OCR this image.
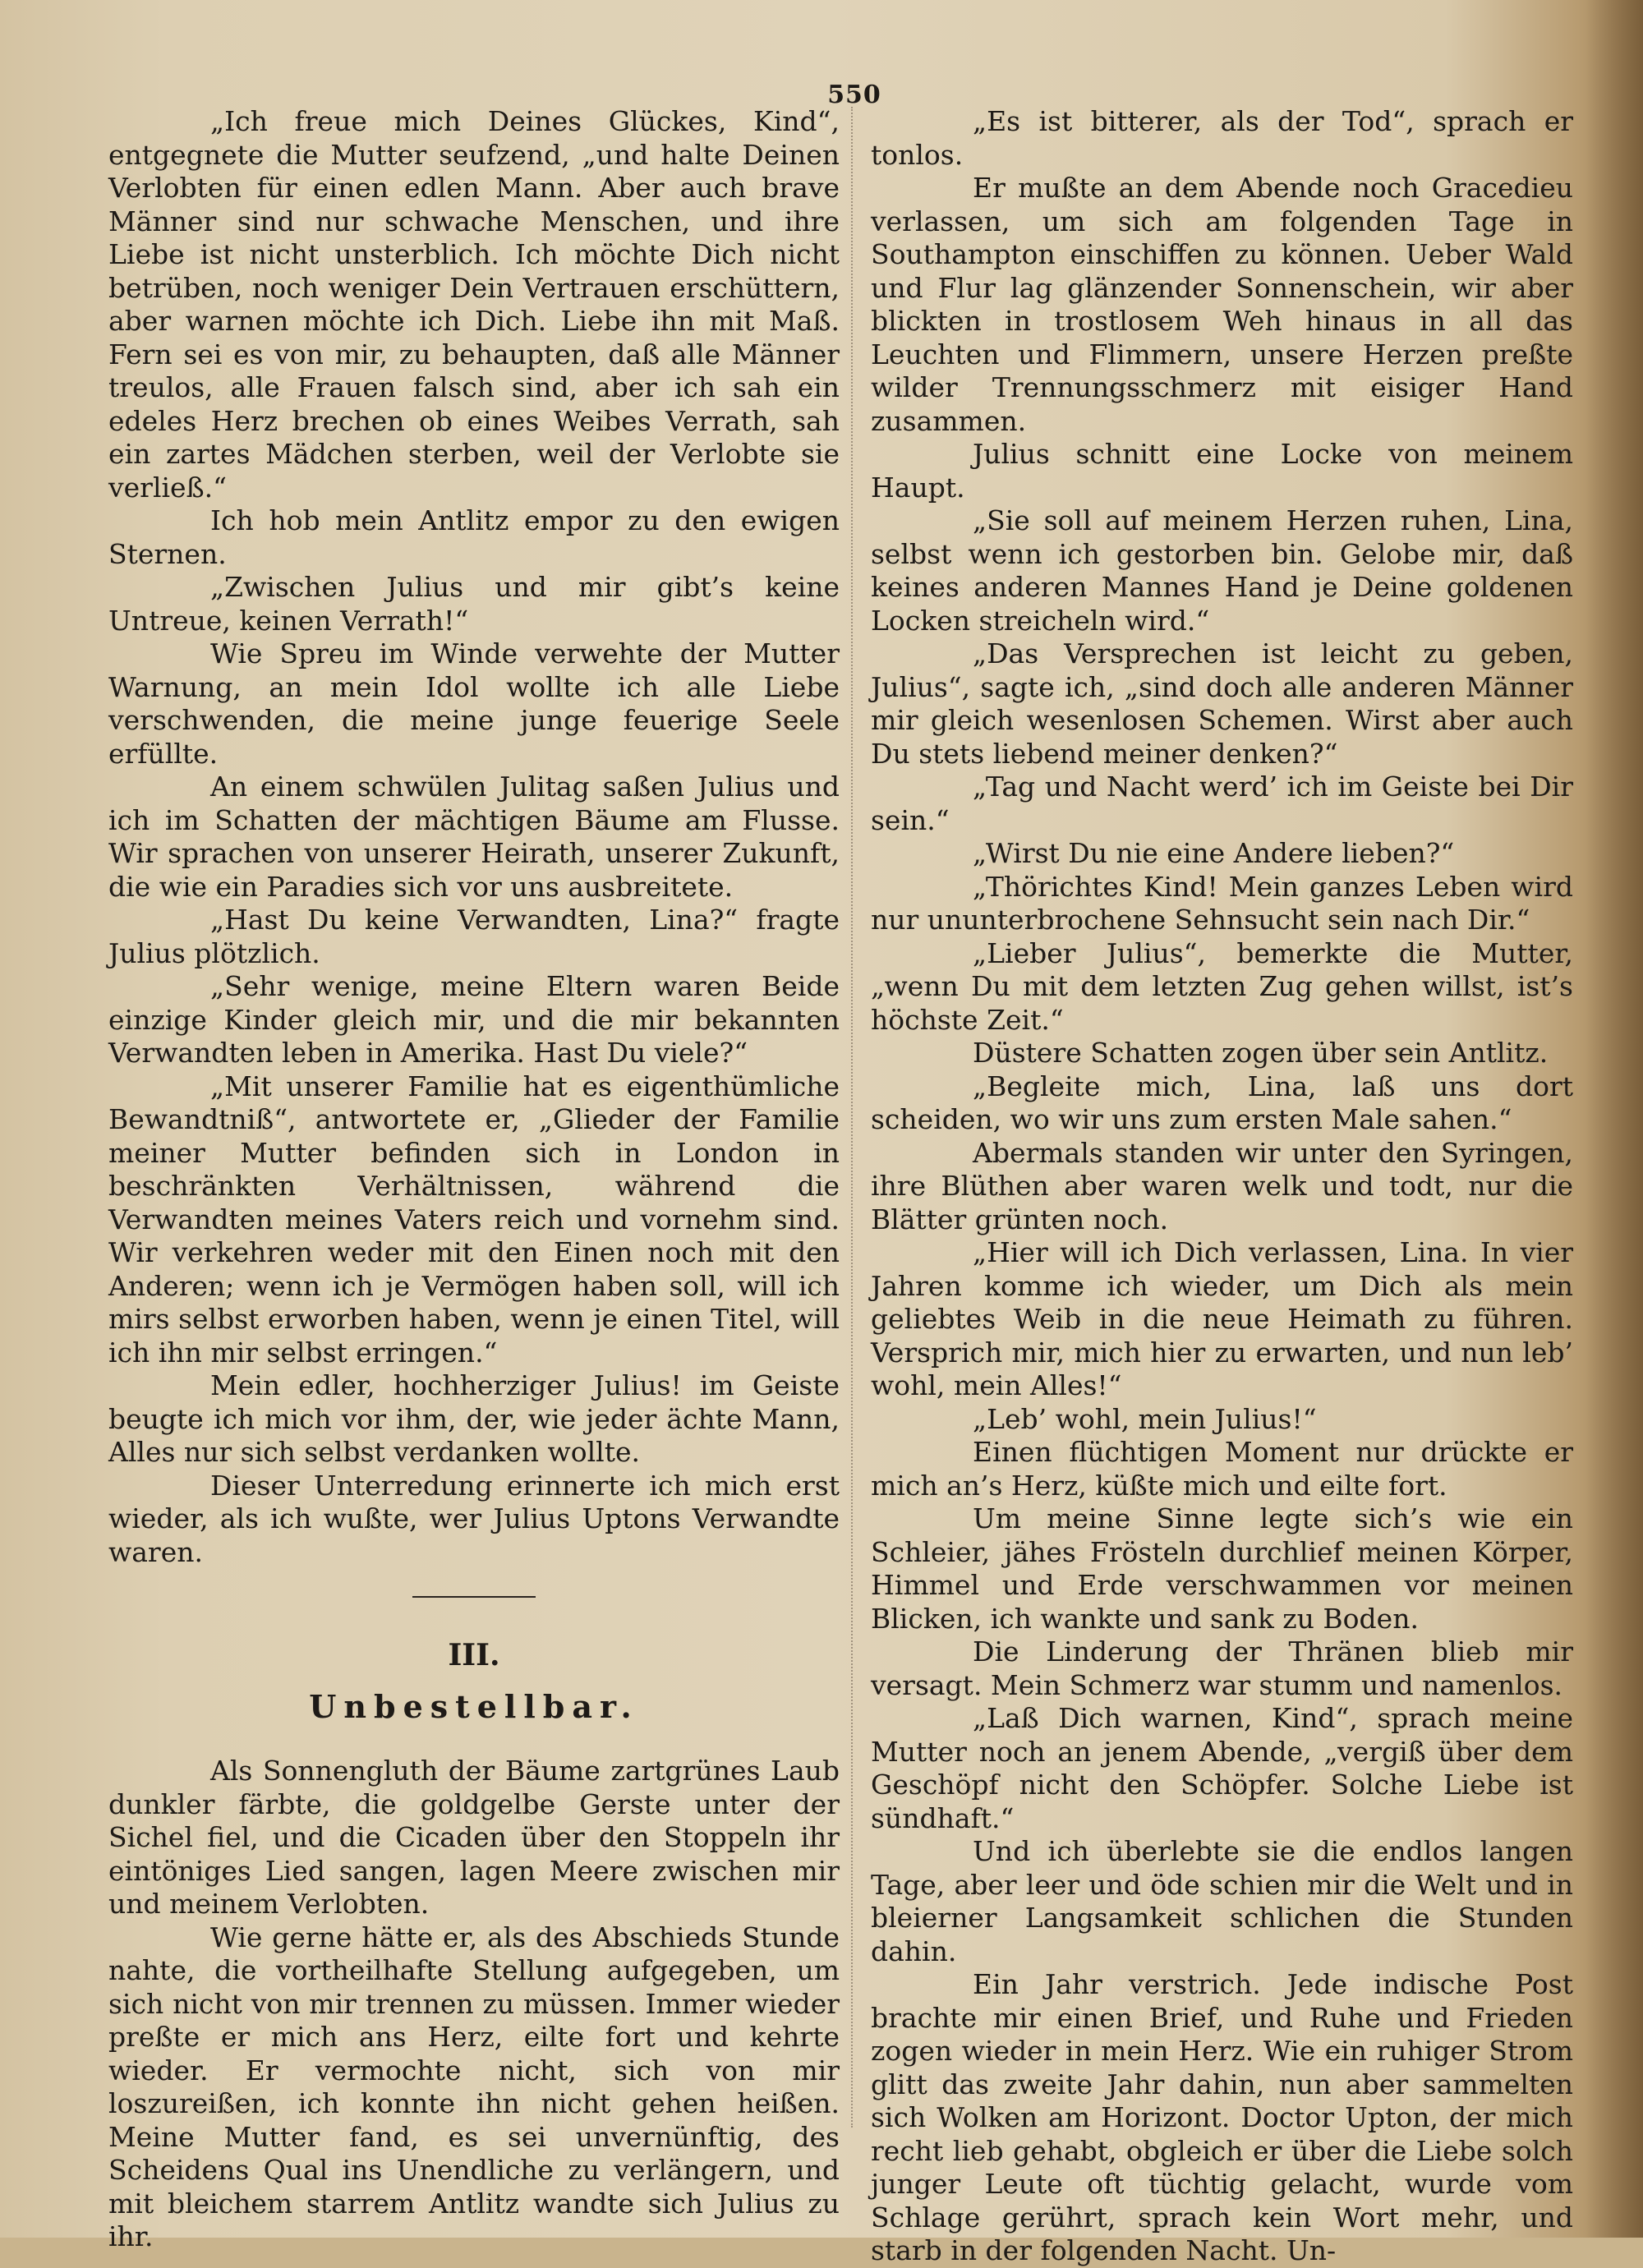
550

„Ich freue mich Deines Glückes, Kind“, entgegnete die Mutter seufzend, „und halte Deinen Verlobten für einen edlen Mann. Aber auch brave Männer sind nur schwache Menschen, und ihre Liebe ist nicht unsterblich. Ich möchte Dich nicht betrüben, noch weniger Dein Vertrauen erschüttern, aber warnen möchte ich Dich. Liebe ihn mit Maß. Fern sei es von mir, zu behaupten, daß alle Männer treulos, alle Frauen falsch sind, aber ich sah ein edeles Herz brechen ob eines Weibes Verrath, sah ein zartes Mädchen sterben, weil der Verlobte sie verließ.“

Ich hob mein Antlitz empor zu den ewigen Sternen.

„Zwischen Julius und mir gibt’s keine Untreue, keinen Verrath!“

Wie Spreu im Winde verwehte der Mutter Warnung, an mein Idol wollte ich alle Liebe verschwenden, die meine junge feuerige Seele erfüllte.

An einem schwülen Julitag saßen Julius und ich im Schatten der mächtigen Bäume am Flusse. Wir sprachen von unserer Heirath, unserer Zukunft, die wie ein Paradies sich vor uns ausbreitete.

„Hast Du keine Verwandten, Lina?“ fragte Julius plötzlich.

„Sehr wenige, meine Eltern waren Beide einzige Kinder gleich mir, und die mir bekannten Verwandten leben in Amerika. Hast Du viele?“

„Mit unserer Familie hat es eigenthümliche Bewandtniß“, antwortete er, „Glieder der Familie meiner Mutter befinden sich in London in beschränkten Verhältnissen, während die Verwandten meines Vaters reich und vornehm sind. Wir verkehren weder mit den Einen noch mit den Anderen; wenn ich je Vermögen haben soll, will ich mirs selbst erworben haben, wenn je einen Titel, will ich ihn mir selbst erringen.“

Mein edler, hochherziger Julius! im Geiste beugte ich mich vor ihm, der, wie jeder ächte Mann, Alles nur sich selbst verdanken wollte.

Dieser Unterredung erinnerte ich mich erst wieder, als ich wußte, wer Julius Uptons Verwandte waren.

III.
Unbestellbar.

Als Sonnengluth der Bäume zartgrünes Laub dunkler färbte, die goldgelbe Gerste unter der Sichel fiel, und die Cicaden über den Stoppeln ihr eintöniges Lied sangen, lagen Meere zwischen mir und meinem Verlobten.

Wie gerne hätte er, als des Abschieds Stunde nahte, die vortheilhafte Stellung aufgegeben, um sich nicht von mir trennen zu müssen. Immer wieder preßte er mich ans Herz, eilte fort und kehrte wieder. Er vermochte nicht, sich von mir loszureißen, ich konnte ihn nicht gehen heißen. Meine Mutter fand, es sei unvernünftig, des Scheidens Qual ins Unendliche zu verlängern, und mit bleichem starrem Antlitz wandte sich Julius zu ihr.

„Es ist bitterer, als der Tod“, sprach er tonlos.

Er mußte an dem Abende noch Gracedieu verlassen, um sich am folgenden Tage in Southampton einschiffen zu können. Ueber Wald und Flur lag glänzender Sonnenschein, wir aber blickten in trostlosem Weh hinaus in all das Leuchten und Flimmern, unsere Herzen preßte wilder Trennungsschmerz mit eisiger Hand zusammen.

Julius schnitt eine Locke von meinem Haupt.

„Sie soll auf meinem Herzen ruhen, Lina, selbst wenn ich gestorben bin. Gelobe mir, daß keines anderen Mannes Hand je Deine goldenen Locken streicheln wird.“

„Das Versprechen ist leicht zu geben, Julius“, sagte ich, „sind doch alle anderen Männer mir gleich wesenlosen Schemen. Wirst aber auch Du stets liebend meiner denken?“

„Tag und Nacht werd’ ich im Geiste bei Dir sein.“

„Wirst Du nie eine Andere lieben?“

„Thörichtes Kind! Mein ganzes Leben wird nur ununterbrochene Sehnsucht sein nach Dir.“

„Lieber Julius“, bemerkte die Mutter, „wenn Du mit dem letzten Zug gehen willst, ist’s höchste Zeit.“

Düstere Schatten zogen über sein Antlitz.

„Begleite mich, Lina, laß uns dort scheiden, wo wir uns zum ersten Male sahen.“

Abermals standen wir unter den Syringen, ihre Blüthen aber waren welk und todt, nur die Blätter grünten noch.

„Hier will ich Dich verlassen, Lina. In vier Jahren komme ich wieder, um Dich als mein geliebtes Weib in die neue Heimath zu führen. Versprich mir, mich hier zu erwarten, und nun leb’ wohl, mein Alles!“

„Leb’ wohl, mein Julius!“

Einen flüchtigen Moment nur drückte er mich an’s Herz, küßte mich und eilte fort.

Um meine Sinne legte sich’s wie ein Schleier, jähes Frösteln durchlief meinen Körper, Himmel und Erde verschwammen vor meinen Blicken, ich wankte und sank zu Boden.

Die Linderung der Thränen blieb mir versagt. Mein Schmerz war stumm und namenlos.

„Laß Dich warnen, Kind“, sprach meine Mutter noch an jenem Abende, „vergiß über dem Geschöpf nicht den Schöpfer. Solche Liebe ist sündhaft.“

Und ich überlebte sie die endlos langen Tage, aber leer und öde schien mir die Welt und in bleierner Langsamkeit schlichen die Stunden dahin.

Ein Jahr verstrich. Jede indische Post brachte mir einen Brief, und Ruhe und Frieden zogen wieder in mein Herz. Wie ein ruhiger Strom glitt das zweite Jahr dahin, nun aber sammelten sich Wolken am Horizont. Doctor Upton, der mich recht lieb gehabt, obgleich er über die Liebe solch junger Leute oft tüchtig gelacht, wurde vom Schlage gerührt, sprach kein Wort mehr, und starb in der folgenden Nacht. Un-
